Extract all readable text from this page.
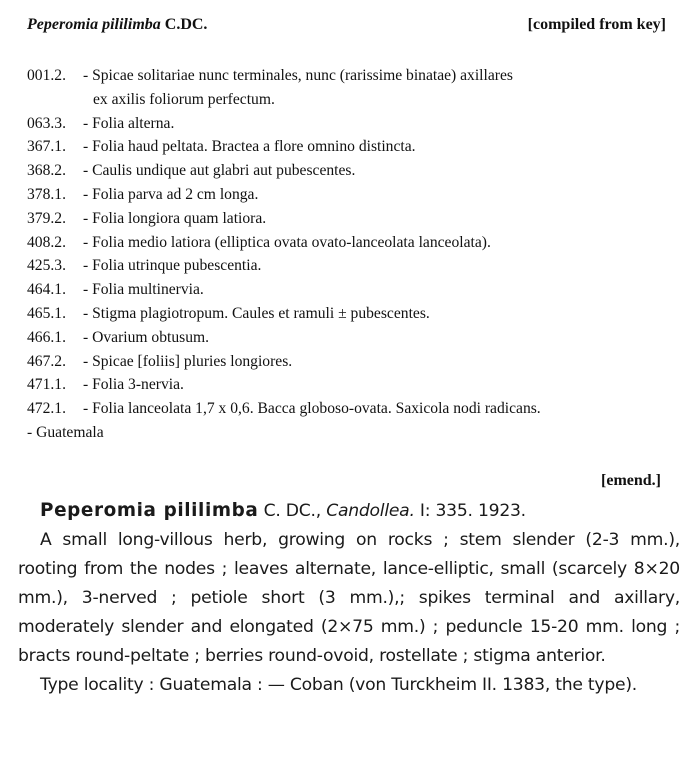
Peperomia pililimba C.DC.	[compiled from key]
001.2.	- Spicae solitariae nunc terminales, nunc (rarissime binatae) axillares
ex axilis foliorum perfectum.
063.3.	- Folia alterna.
367.1.	- Folia haud peltata. Bractea a flore omnino distincta.
368.2.	- Caulis undique aut glabri aut pubescentes.
378.1.	- Folia parva ad 2 cm longa.
379.2.	- Folia longiora quam latiora.
408.2.	- Folia medio latiora (elliptica ovata ovato-lanceolata lanceolata).
425.3.	- Folia utrinque pubescentia.
464.1.	- Folia multinervia.
465.1.	- Stigma plagiotropum. Caules et ramuli ± pubescentes.
466.1.	- Ovarium obtusum.
467.2.	- Spicae [foliis] pluries longiores.
471.1.	- Folia 3-nervia.
472.1.	- Folia lanceolata 1,7 x 0,6. Bacca globoso-ovata. Saxicola nodi radicans.
- Guatemala
[emend.]
Peperomia pililimba C. DC., Candollea. I: 335. 1923.

A small long-villous herb, growing on rocks ; stem slender (2-3 mm.), rooting from the nodes ; leaves alternate, lance-elliptic, small (scarcely 8×20 mm.), 3-nerved ; petiole short (3 mm.),; spikes terminal and axillary, moderately slender and elongated (2×75 mm.) ; peduncle 15-20 mm. long ; bracts round-peltate ; berries round-ovoid, rostellate ; stigma anterior.

Type locality : Guatemala : — Coban (von Turckheim II. 1383, the type).
